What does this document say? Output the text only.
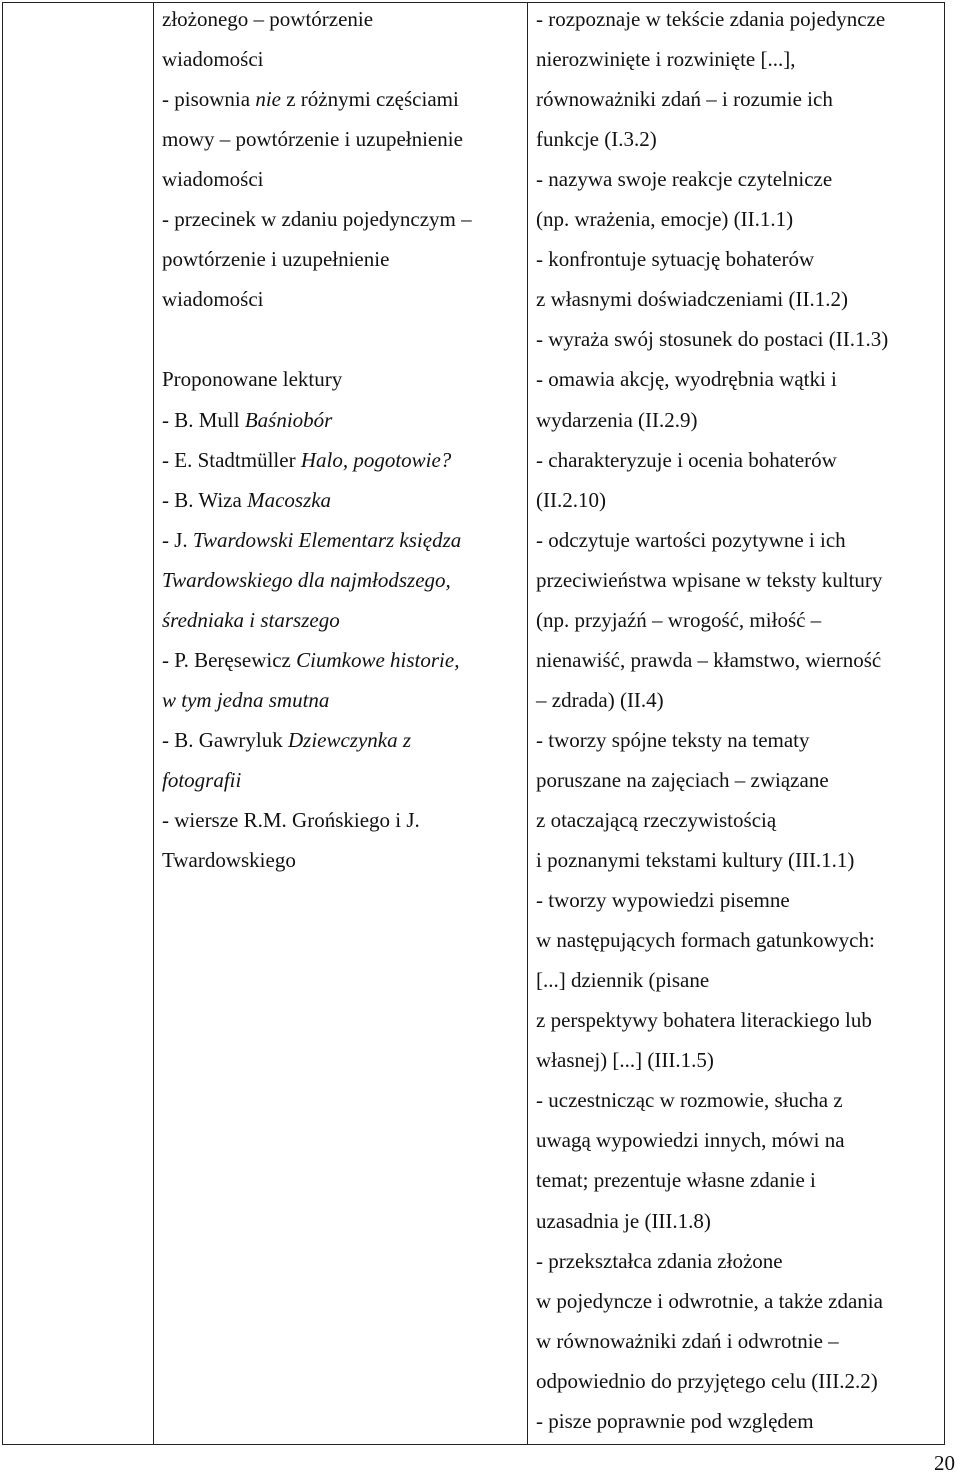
złożonego – powtórzenie
wiadomości
- pisownia nie z różnymi częściami
mowy – powtórzenie i uzupełnienie
wiadomości
- przecinek w zdaniu pojedynczym –
powtórzenie i uzupełnienie
wiadomości
Proponowane lektury
- B. Mull Baśniobór
- E. Stadtmüller Halo, pogotowie?
- B. Wiza Macoszka
- J. Twardowski Elementarz księdza
Twardowskiego dla najmłodszego,
średniaka i starszego
- P. Beręsewicz Ciumkowe historie,
w tym jedna smutna
- B. Gawryluk Dziewczynka z
fotografii
- wiersze R.M. Grońskiego i J.
Twardowskiego
- rozpoznaje w tekście zdania pojedyncze
nierozwinięte i rozwinięte [...],
równoważniki zdań – i rozumie ich
funkcje (I.3.2)
- nazywa swoje reakcje czytelnicze
(np. wrażenia, emocje) (II.1.1)
- konfrontuje sytuację bohaterów
z własnymi doświadczeniami (II.1.2)
- wyraża swój stosunek do postaci (II.1.3)
- omawia akcję, wyodrębnia wątki i
wydarzenia (II.2.9)
- charakteryzuje i ocenia bohaterów
(II.2.10)
- odczytuje wartości pozytywne i ich
przeciwieństwa wpisane w teksty kultury
(np. przyjaźń – wrogość, miłość –
nienawiść, prawda – kłamstwo, wierność
– zdrada) (II.4)
- tworzy spójne teksty na tematy
poruszane na zajęciach – związane
z otaczającą rzeczywistością
i poznanymi tekstami kultury (III.1.1)
- tworzy wypowiedzi pisemne
w następujących formach gatunkowych:
[...] dziennik (pisane
z perspektywy bohatera literackiego lub
własnej) [...] (III.1.5)
- uczestnicząc w rozmowie, słucha z
uwagą wypowiedzi innych, mówi na
temat; prezentuje własne zdanie i
uzasadnia je (III.1.8)
- przekształca zdania złożone
w pojedyncze i odwrotnie, a także zdania
w równoważniki zdań i odwrotnie –
odpowiednio do przyjętego celu (III.2.2)
- pisze poprawnie pod względem
20
